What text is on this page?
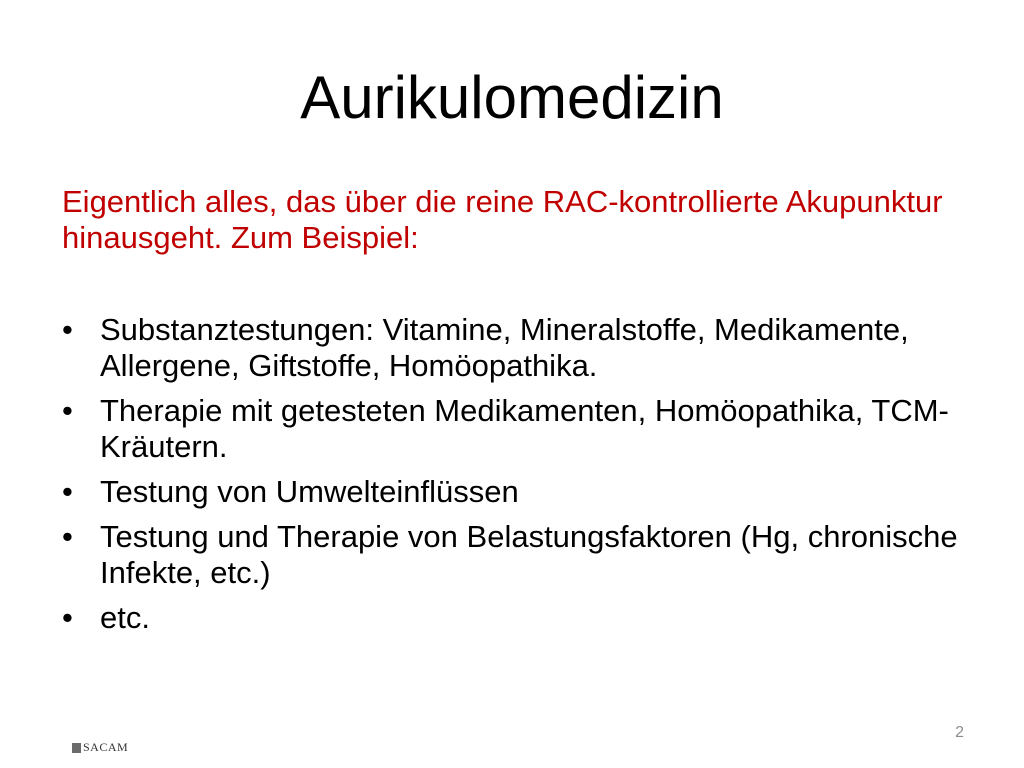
Aurikulomedizin
Eigentlich alles, das über die reine RAC-kontrollierte Akupunktur hinausgeht. Zum Beispiel:
• Substanztestungen: Vitamine, Mineralstoffe, Medikamente, Allergene, Giftstoffe, Homöopathika.
• Therapie mit getesteten Medikamenten, Homöopathika, TCM-Kräutern.
• Testung von Umwelteinflüssen
• Testung und Therapie von Belastungsfaktoren (Hg, chronische Infekte, etc.)
• etc.
SACAM
2
